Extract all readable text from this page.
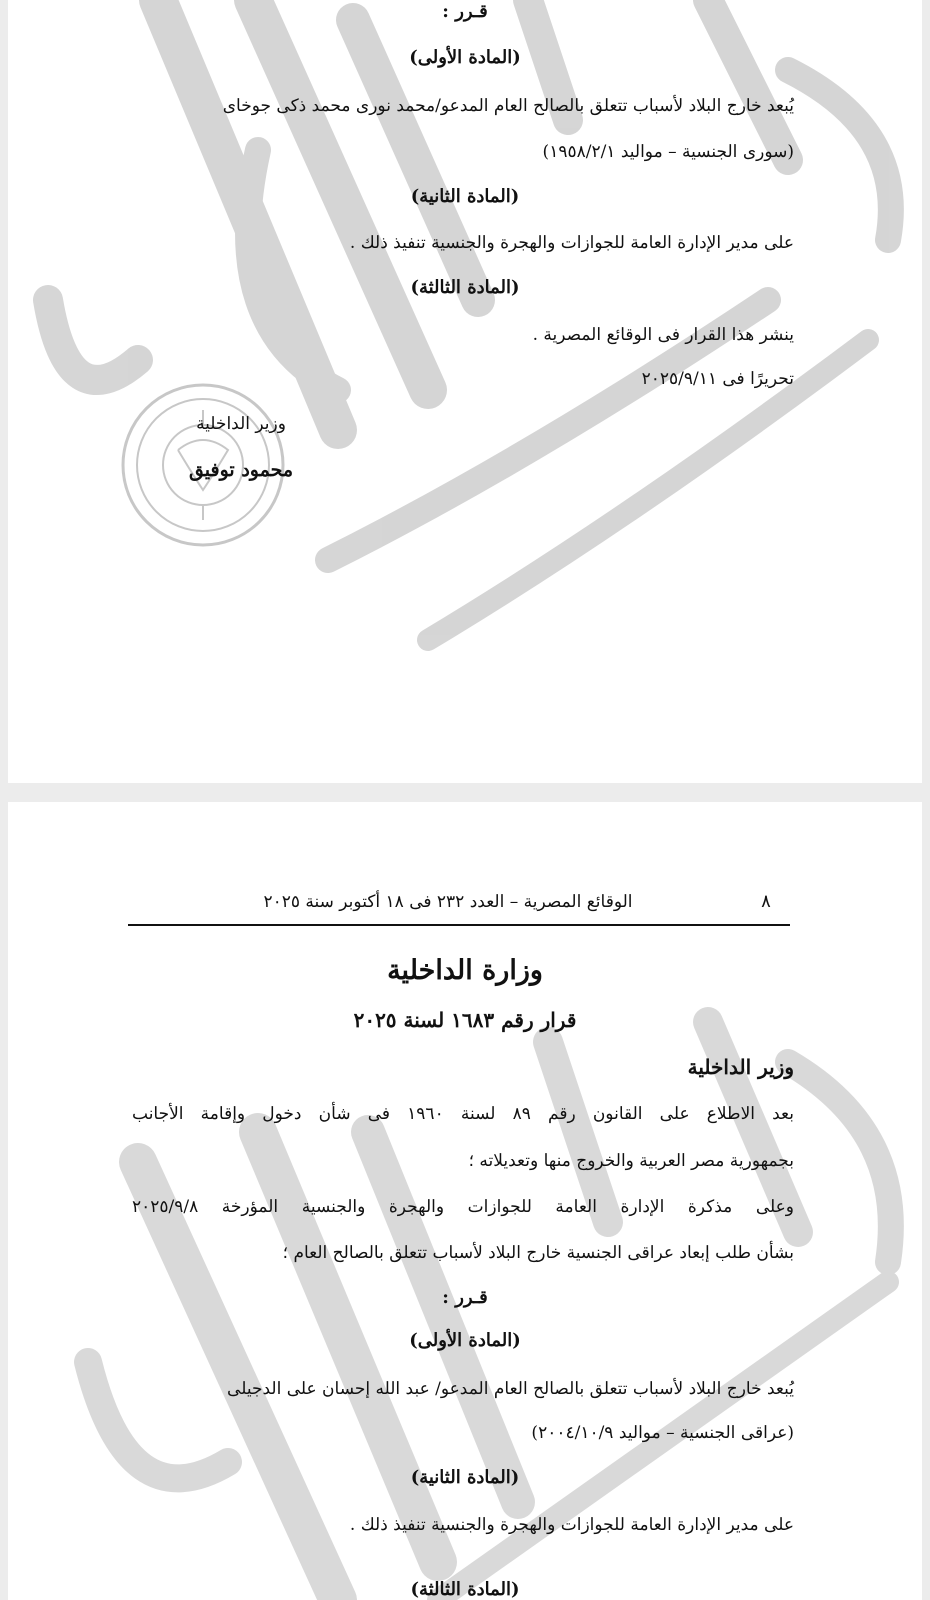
قـرر :
(المادة الأولى)
يُبعد خارج البلاد لأسباب تتعلق بالصالح العام المدعو/محمد نورى محمد ذكى جوخاى
(سورى الجنسية – مواليد ١٩٥٨/٢/١)
(المادة الثانية)
على مدير الإدارة العامة للجوازات والهجرة والجنسية تنفيذ ذلك .
(المادة الثالثة)
ينشر هذا القرار فى الوقائع المصرية .
تحريرًا فى ٢٠٢٥/٩/١١
وزير الداخلية
محمود توفيق
٨
الوقائع المصرية – العدد ٢٣٢ فى ١٨ أكتوبر سنة ٢٠٢٥
وزارة الداخلية
قرار رقم ١٦٨٣ لسنة ٢٠٢٥
وزير الداخلية
بعد الاطلاع على القانون رقم ٨٩ لسنة ١٩٦٠ فى شأن دخول وإقامة الأجانب
بجمهورية مصر العربية والخروج منها وتعديلاته ؛
وعلى مذكرة الإدارة العامة للجوازات والهجرة والجنسية المؤرخة ٢٠٢٥/٩/٨
بشأن طلب إبعاد عراقى الجنسية خارج البلاد لأسباب تتعلق بالصالح العام ؛
قـرر :
(المادة الأولى)
يُبعد خارج البلاد لأسباب تتعلق بالصالح العام المدعو/ عبد الله إحسان على الدجيلى
(عراقى الجنسية – مواليد ٢٠٠٤/١٠/٩)
(المادة الثانية)
على مدير الإدارة العامة للجوازات والهجرة والجنسية تنفيذ ذلك .
(المادة الثالثة)
